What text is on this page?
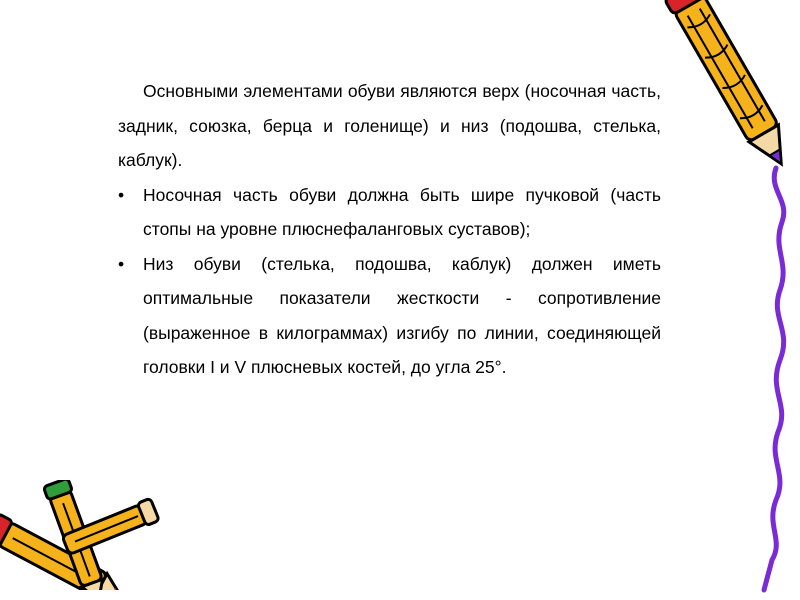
Основными элементами обуви являются верх (носочная часть, задник, союзка, берца и голенище) и низ (подошва, стелька, каблук).

•	Носочная часть обуви должна быть шире пучковой (часть стопы на уровне плюснефаланговых суставов);
•	Низ обуви (стелька, подошва, каблук) должен иметь оптимальные показатели жесткости - сопротивление (выраженное в килограммах) изгибу по линии, соединяющей головки I и V плюсневых костей, до угла 25°.
